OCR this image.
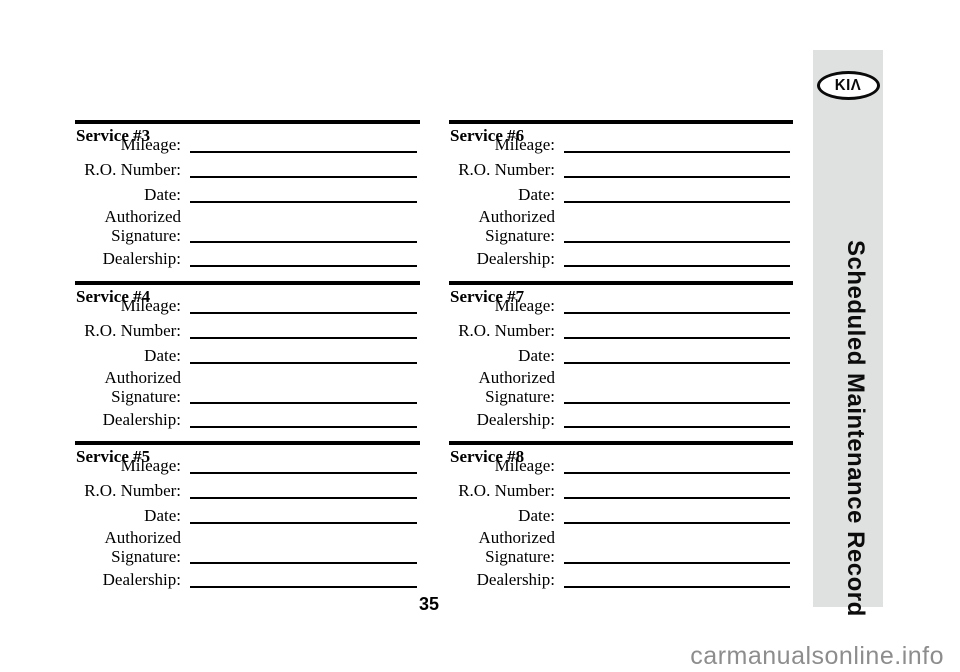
Service #3
Mileage:
R.O. Number:
Date:
Authorized
Signature:
Dealership:
Service #4
Mileage:
R.O. Number:
Date:
Authorized
Signature:
Dealership:
Service #5
Mileage:
R.O. Number:
Date:
Authorized
Signature:
Dealership:
Service #6
Mileage:
R.O. Number:
Date:
Authorized
Signature:
Dealership:
Service #7
Mileage:
R.O. Number:
Date:
Authorized
Signature:
Dealership:
Service #8
Mileage:
R.O. Number:
Date:
Authorized
Signature:
Dealership:
KIΛ
Scheduled Maintenance Record
35
carmanualsonline.info
